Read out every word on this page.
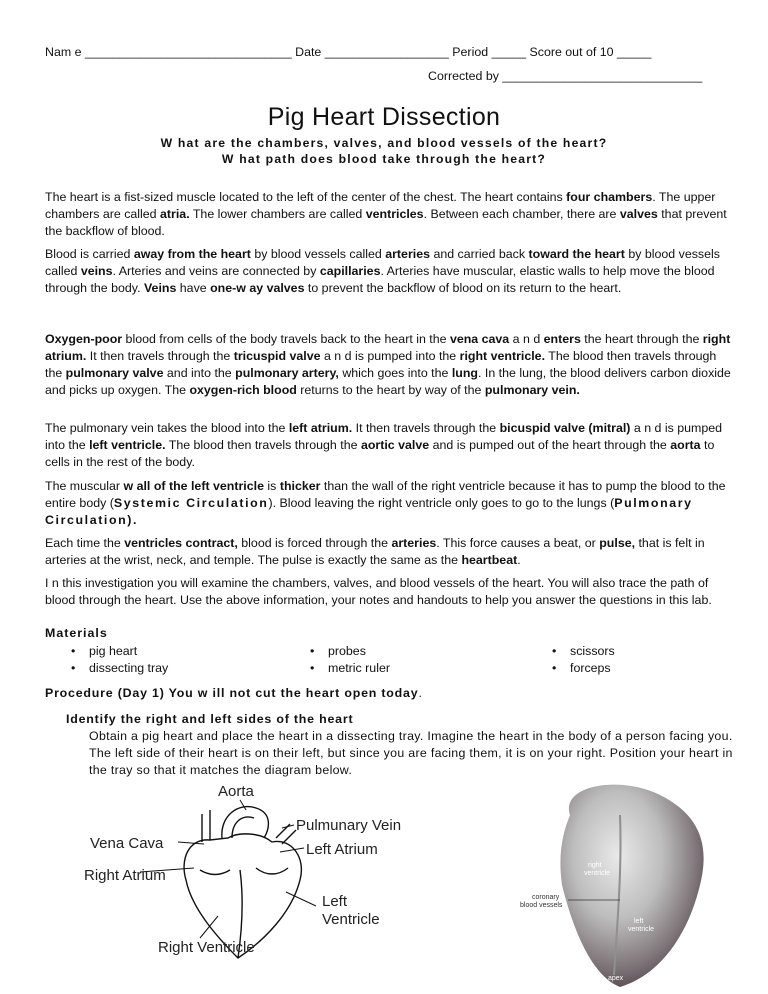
Nam e ______________________________ Date __________________ Period _____ Score out of 10 _____
Corrected by _____________________________
Pig Heart Dissection
W hat are the chambers, valves, and blood vessels of the heart?
W hat path does blood take through the heart?
The heart is a fist-sized muscle located to the left of the center of the chest. The heart contains four chambers. The upper chambers are called atria. The lower chambers are called ventricles. Between each chamber, there are valves that prevent the backflow of blood.
Blood is carried away from the heart by blood vessels called arteries and carried back toward the heart by blood vessels called veins. Arteries and veins are connected by capillaries. Arteries have muscular, elastic walls to help move the blood through the body. Veins have one-w ay valves to prevent the backflow of blood on its return to the heart.
Oxygen-poor blood from cells of the body travels back to the heart in the vena cava a n d enters the heart through the right atrium. It then travels through the tricuspid valve a n d is pumped into the right ventricle. The blood then travels through the pulmonary valve and into the pulmonary artery, which goes into the lung. In the lung, the blood delivers carbon dioxide and picks up oxygen. The oxygen-rich blood returns to the heart by way of the pulmonary vein.
The pulmonary vein takes the blood into the left atrium. It then travels through the bicuspid valve (mitral) a n d is pumped into the left ventricle. The blood then travels through the aortic valve and is pumped out of the heart through the aorta to cells in the rest of the body.
The muscular w all of the left ventricle is thicker than the wall of the right ventricle because it has to pump the blood to the entire body (Systemic Circulation). Blood leaving the right ventricle only goes to go to the lungs (Pulmonary Circulation).
Each time the ventricles contract, blood is forced through the arteries. This force causes a beat, or pulse, that is felt in arteries at the wrist, neck, and temple. The pulse is exactly the same as the heartbeat.
I n this investigation you will examine the chambers, valves, and blood vessels of the heart. You will also trace the path of blood through the heart. Use the above information, your notes and handouts to help you answer the questions in this lab.
Materials
• pig heart
• dissecting tray
• probes
• metric ruler
• scissors
• forceps
Procedure (Day 1) You w ill not cut the heart open today.
Identify the right and left sides of the heart
Obtain a pig heart and place the heart in a dissecting tray. Imagine the heart in the body of a person facing you. The left side of their heart is on their left, but since you are facing them, it is on your right. Position your heart in the tray so that it matches the diagram below.
Aorta
Pulmunary Vein
Vena Cava	Left Atrium
Right Atrium
Left
Ventricle
Right Ventricle
right
ventricle
coronary
blood vessels
left
ventricle
apex
